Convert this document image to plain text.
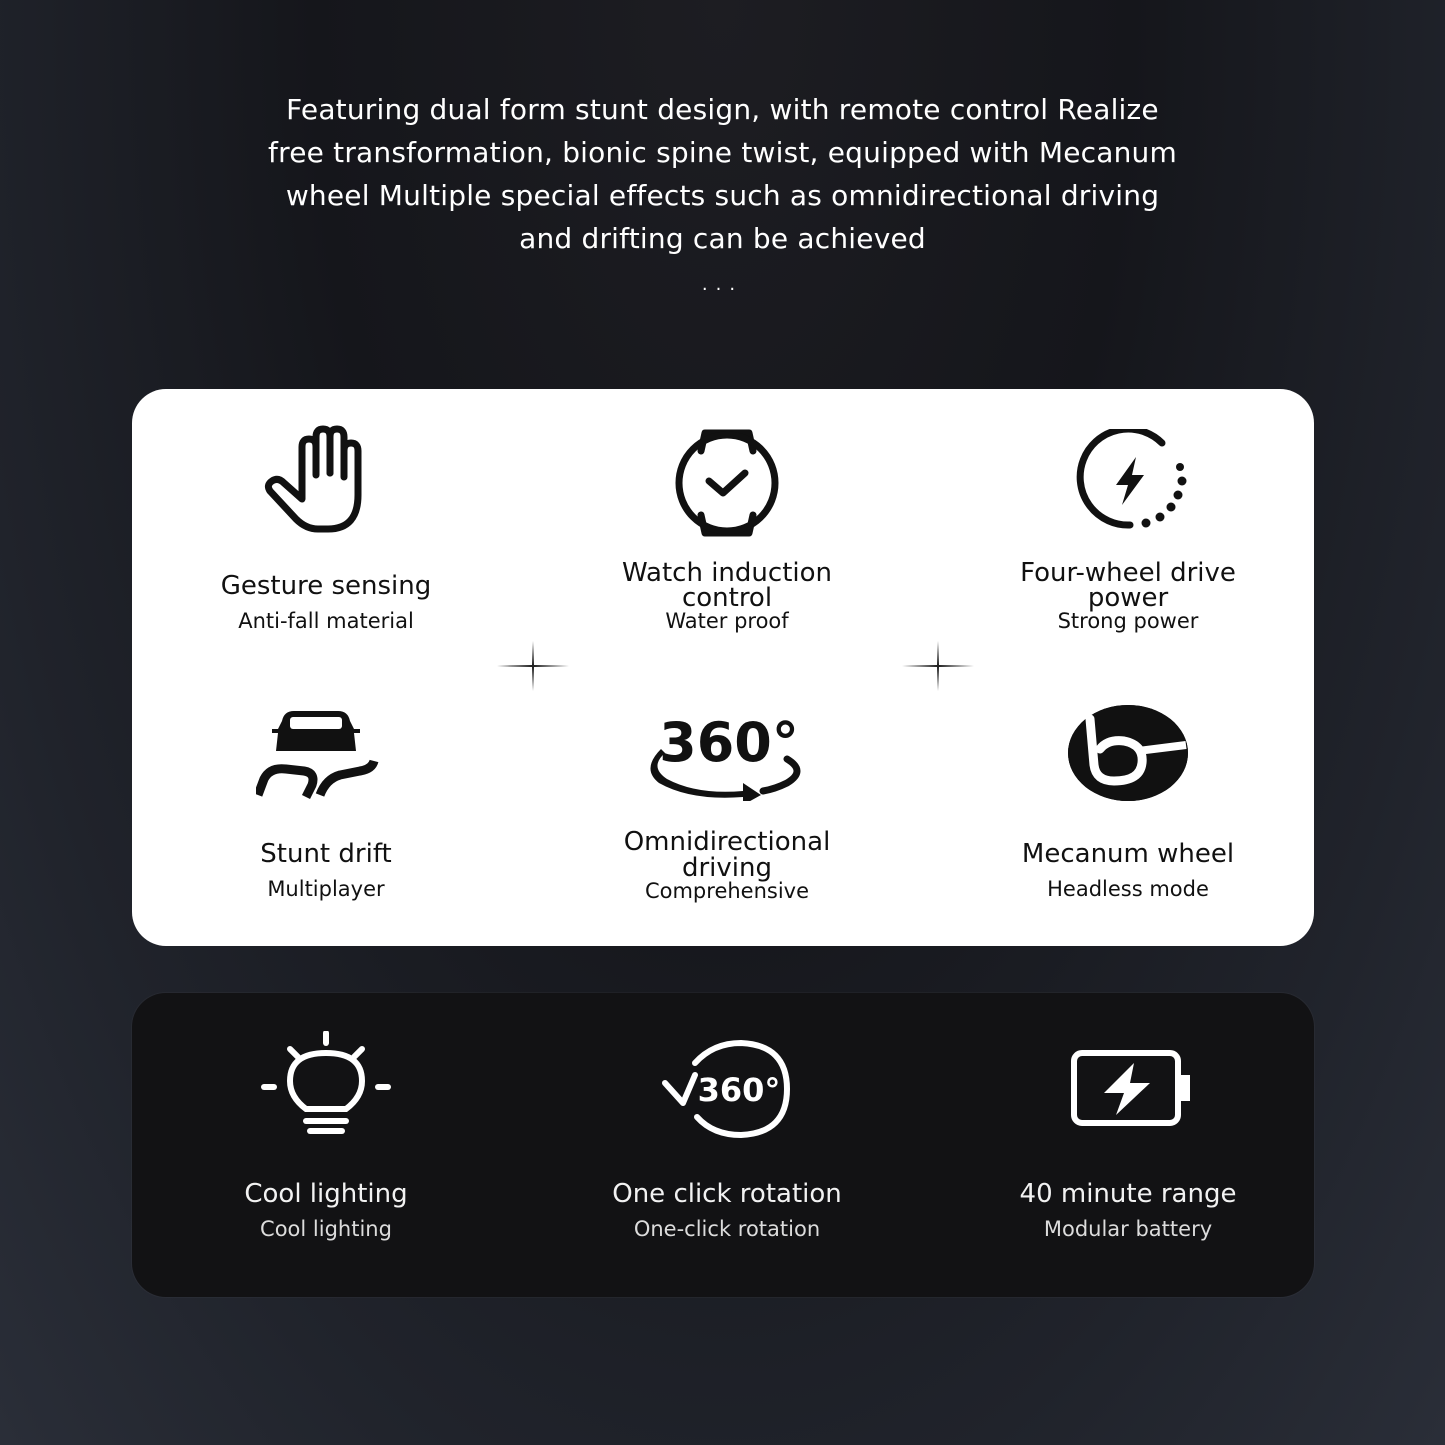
Featuring dual form stunt design, with remote control Realize
free transformation, bionic spine twist, equipped with Mecanum
wheel Multiple special effects such as omnidirectional driving
and drifting can be achieved
...
Gesture sensing
Anti-fall material
Watch induction
control
Water proof
Four-wheel drive
power
Strong power
Stunt drift
Multiplayer
360°
Omnidirectional
driving
Comprehensive
Mecanum wheel
Headless mode
Cool lighting
Cool lighting
360°
One click rotation
One-click rotation
40 minute range
Modular battery
